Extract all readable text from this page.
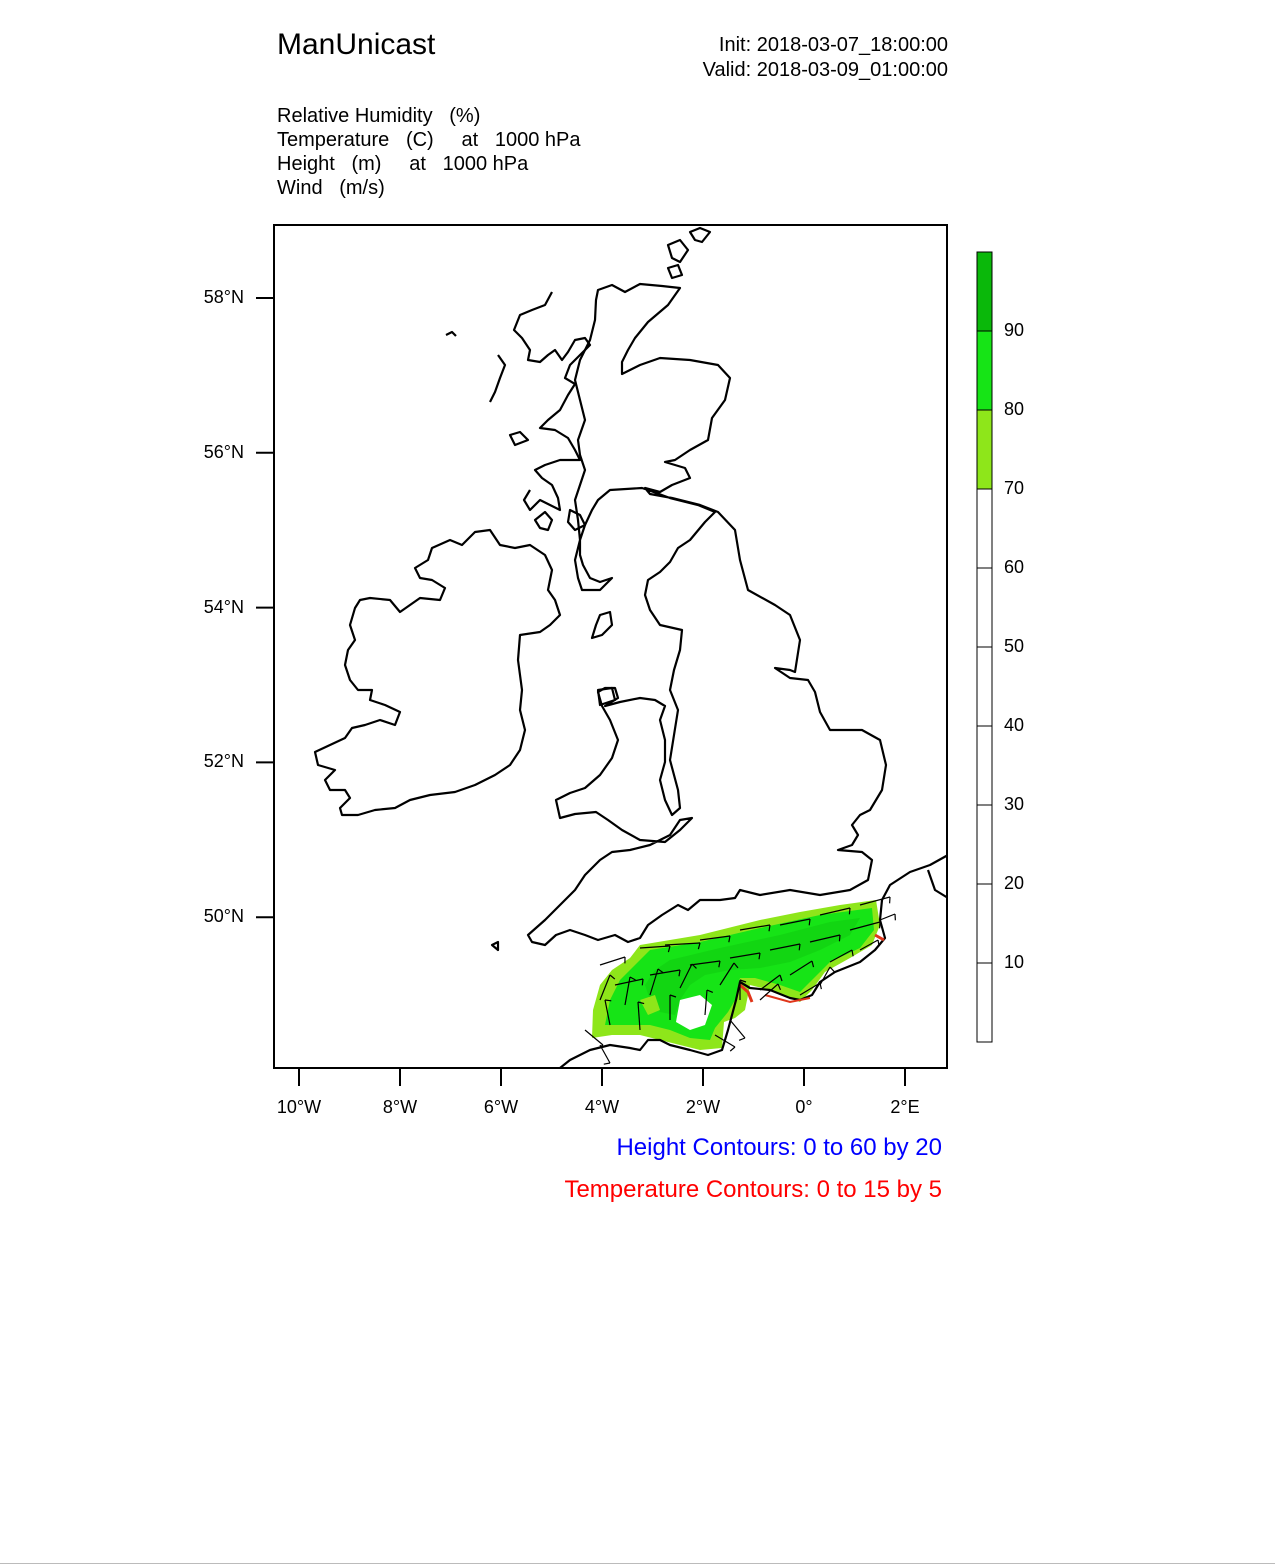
ManUnicast	Init: 2018-03-07_18:00:00
Valid: 2018-03-09_01:00:00
Relative Humidity   (%)
Temperature   (C)     at   1000 hPa
Height   (m)     at   1000 hPa
Wind   (m/s)
58°N
56°N
54°N
52°N
50°N
10°W	8°W	6°W	4°W	2°W	0°	2°E
10
20
30
40
50
60
70
80
90
Height Contours: 0 to 60 by 20
Temperature Contours: 0 to 15 by 5
